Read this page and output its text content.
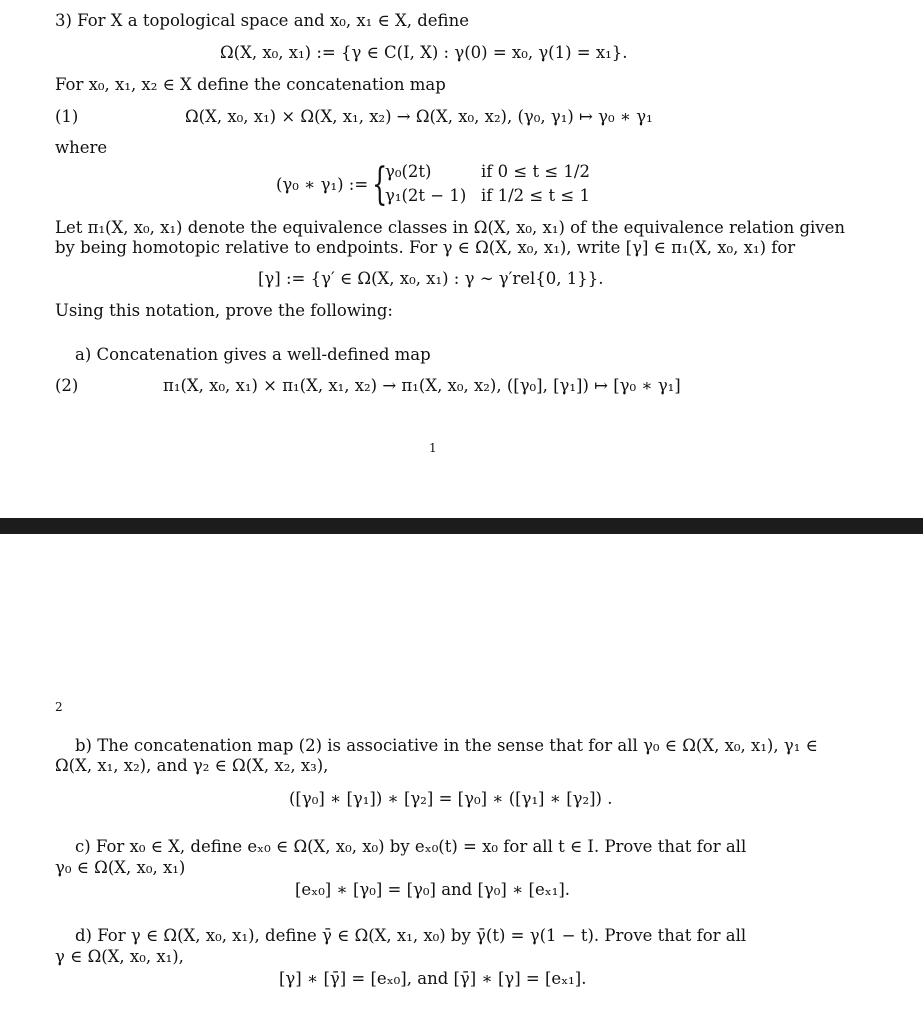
3) For X a topological space and x₀, x₁ ∈ X, define
Ω(X, x₀, x₁) := {γ ∈ C(I, X) : γ(0) = x₀, γ(1) = x₁}.
For x₀, x₁, x₂ ∈ X define the concatenation map
(1)	Ω(X, x₀, x₁) × Ω(X, x₁, x₂) → Ω(X, x₀, x₂), (γ₀, γ₁) ↦ γ₀ ∗ γ₁
where
(γ₀ ∗ γ₁) := {
γ₀(2t)	if 0 ≤ t ≤ 1/2
γ₁(2t − 1) if 1/2 ≤ t ≤ 1
Let π₁(X, x₀, x₁) denote the equivalence classes in Ω(X, x₀, x₁) of the equivalence relation given
by being homotopic relative to endpoints. For γ ∈ Ω(X, x₀, x₁), write [γ] ∈ π₁(X, x₀, x₁) for
[γ] := {γ′ ∈ Ω(X, x₀, x₁) : γ ∼ γ′rel{0, 1}}.
Using this notation, prove the following:
a) Concatenation gives a well-defined map
(2)	π₁(X, x₀, x₁) × π₁(X, x₁, x₂) → π₁(X, x₀, x₂), ([γ₀], [γ₁]) ↦ [γ₀ ∗ γ₁]
1
2
b) The concatenation map (2) is associative in the sense that for all γ₀ ∈ Ω(X, x₀, x₁), γ₁ ∈
Ω(X, x₁, x₂), and γ₂ ∈ Ω(X, x₂, x₃),
([γ₀] ∗ [γ₁]) ∗ [γ₂] = [γ₀] ∗ ([γ₁] ∗ [γ₂]) .
c) For x₀ ∈ X, define eₓ₀ ∈ Ω(X, x₀, x₀) by eₓ₀(t) = x₀ for all t ∈ I. Prove that for all
γ₀ ∈ Ω(X, x₀, x₁)
[eₓ₀] ∗ [γ₀] = [γ₀] and [γ₀] ∗ [eₓ₁].
d) For γ ∈ Ω(X, x₀, x₁), define γ̄ ∈ Ω(X, x₁, x₀) by γ̄(t) = γ(1 − t). Prove that for all
γ ∈ Ω(X, x₀, x₁),
[γ] ∗ [γ̄] = [eₓ₀], and [γ̄] ∗ [γ] = [eₓ₁].
